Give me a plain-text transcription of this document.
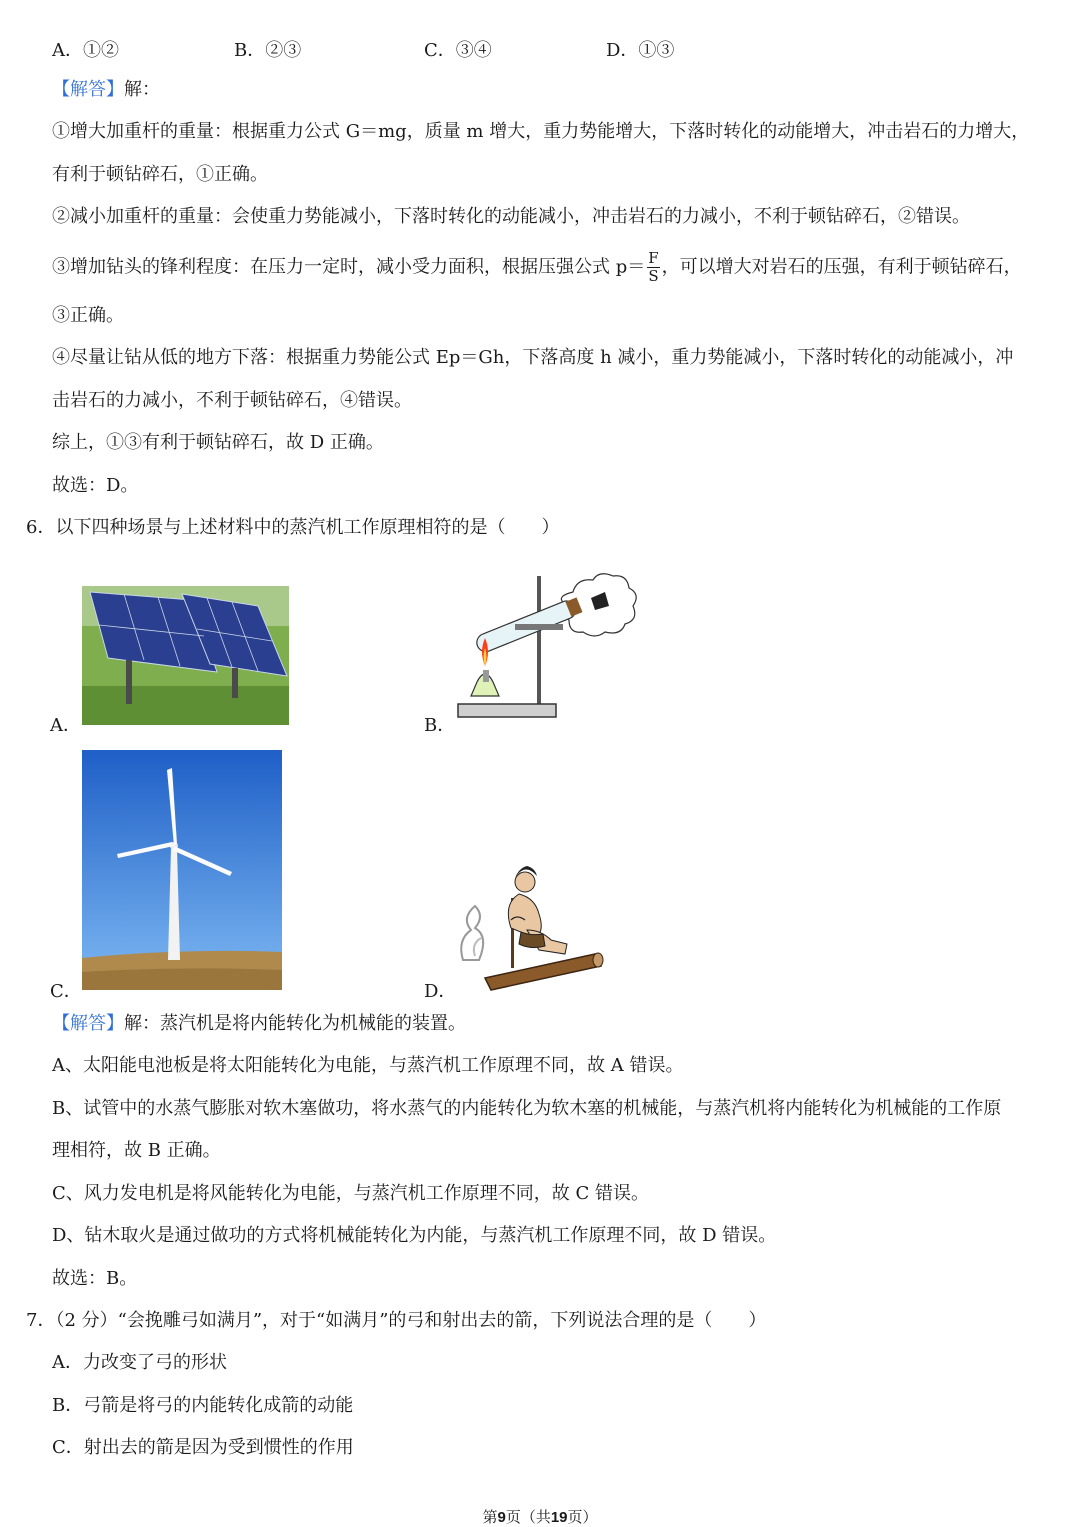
A．①②	B．②③	C．③④	D．①③
【解答】解：
①增大加重杆的重量：根据重力公式 G＝mg，质量 m 增大，重力势能增大，下落时转化的动能增大，冲击岩石的力增大，
有利于顿钻碎石，①正确。
②减小加重杆的重量：会使重力势能减小，下落时转化的动能减小，冲击岩石的力减小，不利于顿钻碎石，②错误。
③增加钻头的锋利程度：在压力一定时，减小受力面积，根据压强公式 $p= \frac{F}{S}$ ，可以增大对岩石的压强，有利于顿钻碎石，
③正确。
④尽量让钻从低的地方下落：根据重力势能公式 Ep＝Gh，下落高度 h 减小，重力势能减小，下落时转化的动能减小，冲
击岩石的力减小，不利于顿钻碎石，④错误。
综上，①③有利于顿钻碎石，故 D 正确。
故选：D。
6．以下四种场景与上述材料中的蒸汽机工作原理相符的是（　　）
A．	B．
C．	D．
【解答】解：蒸汽机是将内能转化为机械能的装置。
A、太阳能电池板是将太阳能转化为电能，与蒸汽机工作原理不同，故 A 错误。
B、试管中的水蒸气膨胀对软木塞做功，将水蒸气的内能转化为软木塞的机械能，与蒸汽机将内能转化为机械能的工作原
理相符，故 B 正确。
C、风力发电机是将风能转化为电能，与蒸汽机工作原理不同，故 C 错误。
D、钻木取火是通过做功的方式将机械能转化为内能，与蒸汽机工作原理不同，故 D 错误。
故选：B。
7．（2 分）“会挽雕弓如满月”，对于“如满月”的弓和射出去的箭，下列说法合理的是（　　）
A．力改变了弓的形状
B．弓箭是将弓的内能转化成箭的动能
C．射出去的箭是因为受到惯性的作用
第9页（共19页）
